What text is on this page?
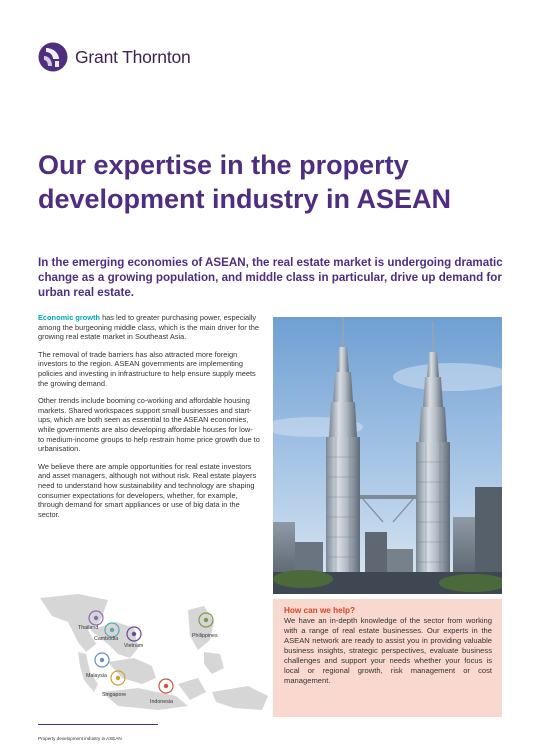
Grant Thornton
Our expertise in the property development industry in ASEAN

In the emerging economies of ASEAN, the real estate market is undergoing dramatic change as a growing population, and middle class in particular, drive up demand for urban real estate.

Economic growth has led to greater purchasing power, especially among the burgeoning middle class, which is the main driver for the growing real estate market in Southeast Asia.

The removal of trade barriers has also attracted more foreign investors to the region. ASEAN governments are implementing policies and investing in infrastructure to help ensure supply meets the growing demand.

Other trends include booming co-working and affordable housing markets. Shared workspaces support small businesses and start-ups, which are both seen as essential to the ASEAN economies, while governments are also developing affordable houses for low- to medium-income groups to help restrain home price growth due to urbanisation.

We believe there are ample opportunities for real estate investors and asset managers, although not without risk. Real estate players need to understand how sustainability and technology are shaping consumer expectations for developers, whether, for example, through demand for smart appliances or use of big data in the sector.

Thailand
Cambodia
Vietnam
Philippines
Malaysia
Singapore
Indonesia
How can we help?

We have an in-depth knowledge of the sector from working with a range of real estate businesses. Our experts in the ASEAN network are ready to assist you in providing valuable business insights, strategic perspectives, evaluate business challenges and support your needs whether your focus is local or regional growth, risk management or cost management.

Property development industry in ASEAN
